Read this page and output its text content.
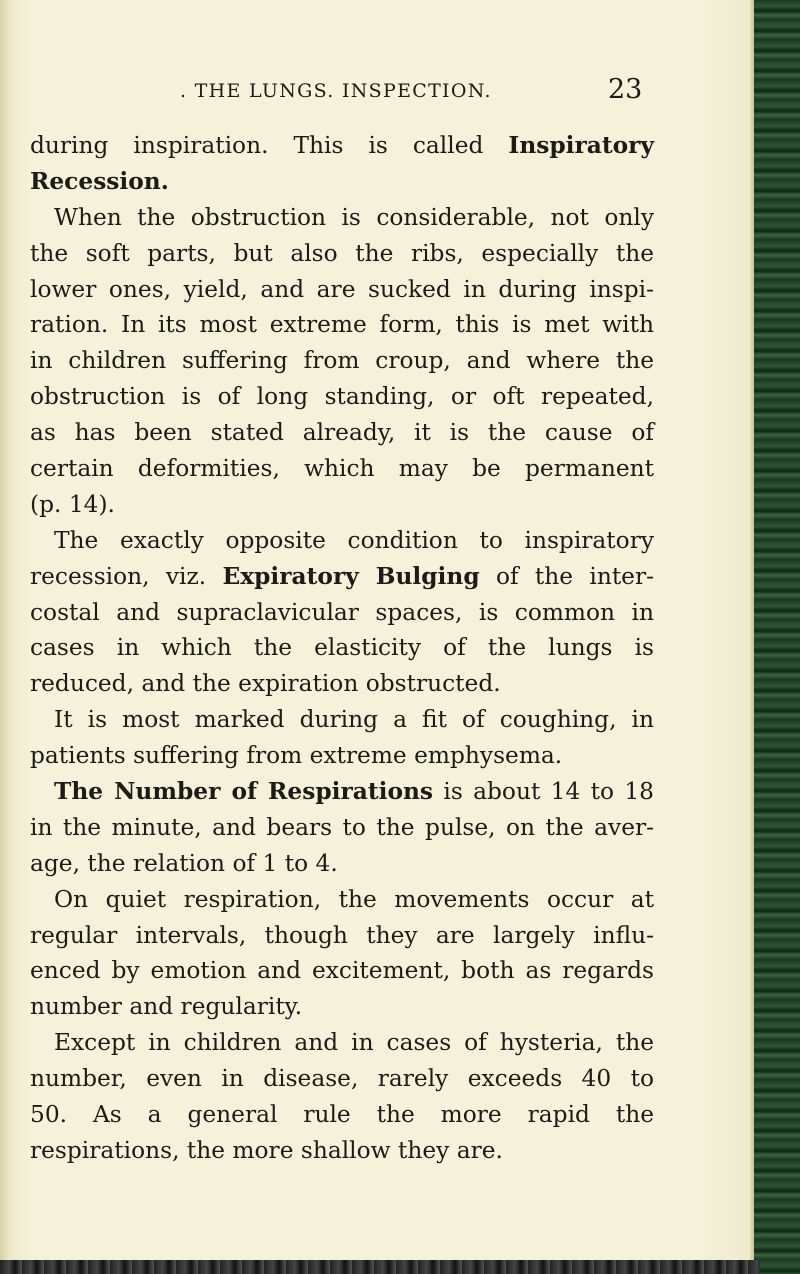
. THE LUNGS. INSPECTION.	23
during inspiration. This is called Inspiratory
Recession.
When the obstruction is considerable, not only
the soft parts, but also the ribs, especially the
lower ones, yield, and are sucked in during inspi-
ration. In its most extreme form, this is met with
in children suffering from croup, and where the
obstruction is of long standing, or oft repeated,
as has been stated already, it is the cause of
certain deformities, which may be permanent
(p. 14).
The exactly opposite condition to inspiratory
recession, viz. Expiratory Bulging of the inter-
costal and supraclavicular spaces, is common in
cases in which the elasticity of the lungs is
reduced, and the expiration obstructed.
It is most marked during a fit of coughing, in
patients suffering from extreme emphysema.
The Number of Respirations is about 14 to 18
in the minute, and bears to the pulse, on the aver-
age, the relation of 1 to 4.
On quiet respiration, the movements occur at
regular intervals, though they are largely influ-
enced by emotion and excitement, both as regards
number and regularity.
Except in children and in cases of hysteria, the
number, even in disease, rarely exceeds 40 to
50. As a general rule the more rapid the
respirations, the more shallow they are.
